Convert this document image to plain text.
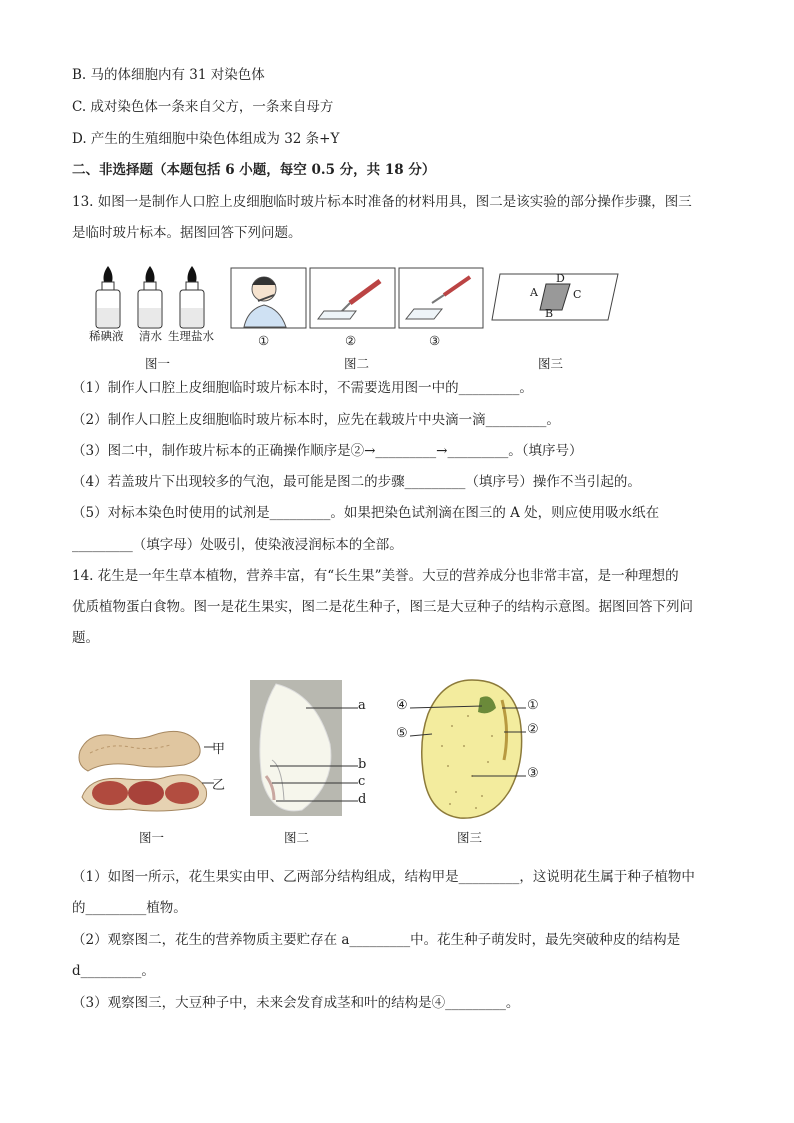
B. 马的体细胞内有 31 对染色体
C. 成对染色体一条来自父方，一条来自母方
D. 产生的生殖细胞中染色体组成为 32 条+Y
二、非选择题（本题包括 6 小题，每空 0.5 分，共 18 分）
13. 如图一是制作人口腔上皮细胞临时玻片标本时准备的材料用具，图二是该实验的部分操作步骤，图三
是临时玻片标本。据图回答下列问题。
稀碘液 清水 生理盐水	①	②	③
A
B
C
D
图一	图二	图三
（1）制作人口腔上皮细胞临时玻片标本时，不需要选用图一中的_________。
（2）制作人口腔上皮细胞临时玻片标本时，应先在载玻片中央滴一滴_________。
（3）图二中，制作玻片标本的正确操作顺序是②→_________→_________。（填序号）
（4）若盖玻片下出现较多的气泡，最可能是图二的步骤_________（填序号）操作不当引起的。
（5）对标本染色时使用的试剂是_________。如果把染色试剂滴在图三的 A 处，则应使用吸水纸在
_________（填字母）处吸引，使染液浸润标本的全部。
14. 花生是一年生草本植物，营养丰富，有“长生果”美誉。大豆的营养成分也非常丰富，是一种理想的
优质植物蛋白食物。图一是花生果实，图二是花生种子，图三是大豆种子的结构示意图。据图回答下列问
题。
甲
乙
a
b
c
d
④
⑤
①
②
③
图一	图二	图三
（1）如图一所示，花生果实由甲、乙两部分结构组成，结构甲是_________，这说明花生属于种子植物中
的_________植物。
（2）观察图二，花生的营养物质主要贮存在 a_________中。花生种子萌发时，最先突破种皮的结构是
d_________。
（3）观察图三，大豆种子中，未来会发育成茎和叶的结构是④_________。
